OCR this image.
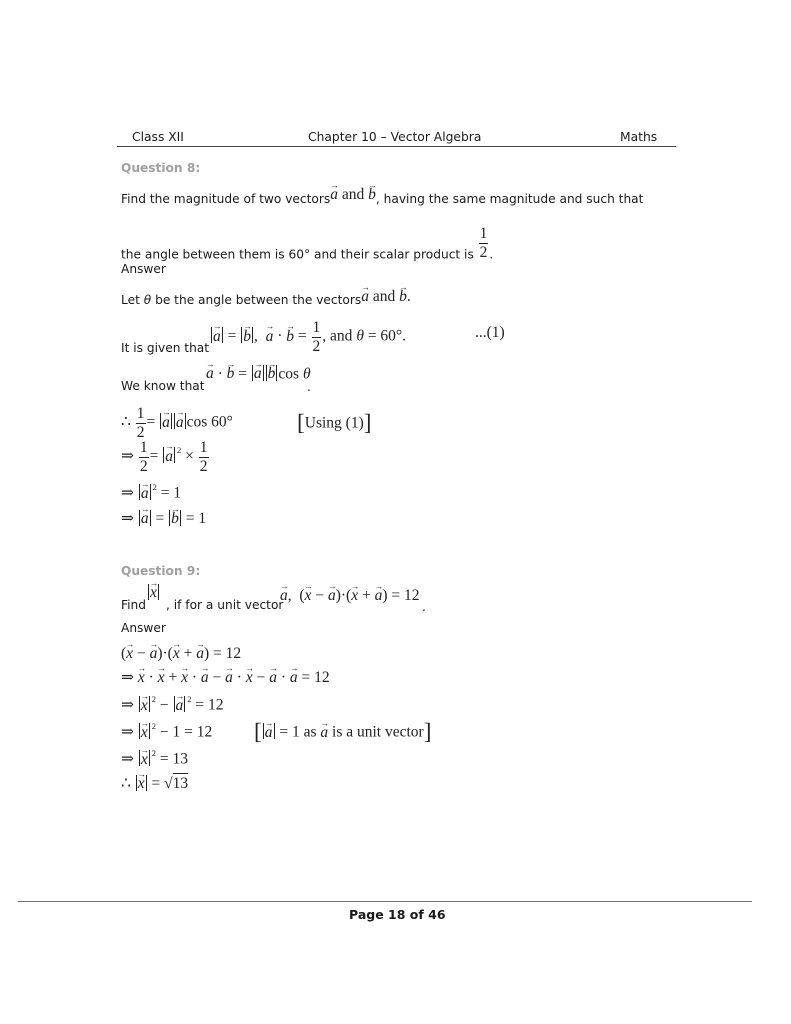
Class XII	Chapter 10 – Vector Algebra	Maths
Question 8:
Find the magnitude of two vectors→ a and → b, having the same magnitude and such that
the angle between them is 60° and their scalar product is $\frac{1}{2}$ .
Answer
Let θ be the angle between the vectors→ a and → b.
It is given that
→ a = → b ,  → a · → $b = \frac{1}{2}$ , and θ = 60°.	...(1)
We know that
→ a · → b = → a → b cos θ
.
∴ $\frac{1}{2}$ = → a → a cos 60°	[Using (1)]
⇒ $\frac{1}{2}$ = → a $^2 \times \frac{1}{2}$
⇒ → a $^2$ = 1
⇒ → a = → b = 1
Question 9:
Find
→ x
, if for a unit vector
→ a,  (→ x − → a)·(→ x + → a) = 12
.
Answer
(→ x − → a)·(→ x + → a) = 12
⇒ → x · → x + → x · → a − → a · → x − → a · → a = 12
⇒ → x $^2$ − → a $^2$ = 12
⇒ → x $^2$ − 1 = 12 [ → a = 1 as → a is a unit vector]
⇒ → x $^2$ = 13
∴ → x = √13
Page 18 of 46
